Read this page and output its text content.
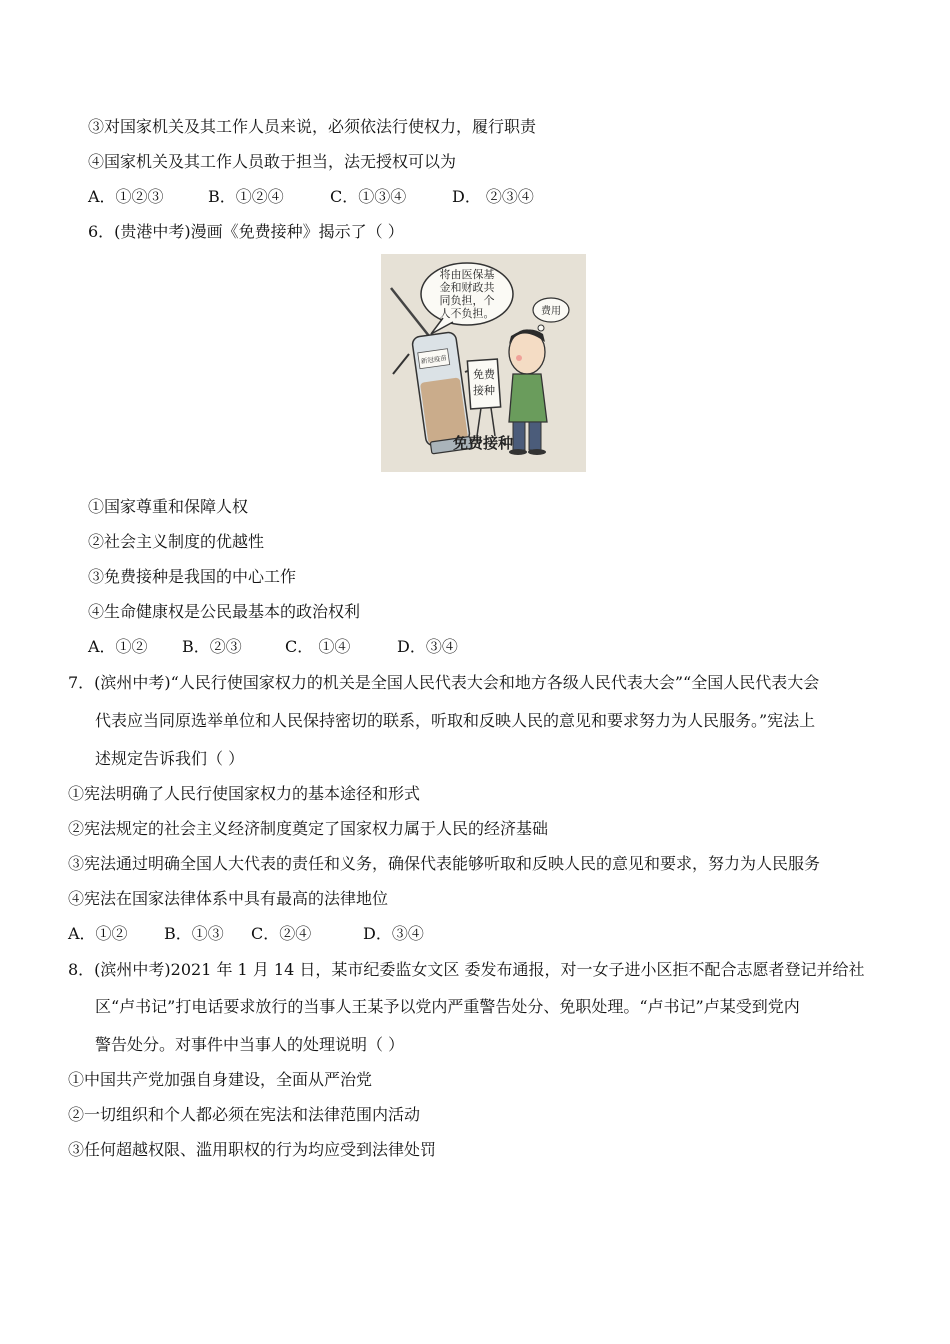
③对国家机关及其工作人员来说，必须依法行使权力，履行职责
④国家机关及其工作人员敢于担当，法无授权可以为
A．①②③	B．①②④	C．①③④	D． ②③④
6．(贵港中考)漫画《免费接种》揭示了（ ）
将由医保基
金和财政共
同负担，个
人不负担。
新冠疫苗
免费
接种
费用
免费接种
①国家尊重和保障人权
②社会主义制度的优越性
③免费接种是我国的中心工作
④生命健康权是公民最基本的政治权利
A．①② B．②③	C． ①④	D．③④
7．(滨州中考)“人民行使国家权力的机关是全国人民代表大会和地方各级人民代表大会”“全国人民代表大会
代表应当同原选举单位和人民保持密切的联系，听取和反映人民的意见和要求努力为人民服务。”宪法上
述规定告诉我们（ ）
①宪法明确了人民行使国家权力的基本途径和形式
②宪法规定的社会主义经济制度奠定了国家权力属于人民的经济基础
③宪法通过明确全国人大代表的责任和义务，确保代表能够听取和反映人民的意见和要求，努力为人民服务
④宪法在国家法律体系中具有最高的法律地位
A．①② B．①③ C．②④	D．③④
8．(滨州中考)2021 年 1 月 14 日，某市纪委监女文区 委发布通报，对一女子进小区拒不配合志愿者登记并给社
区“卢书记”打电话要求放行的当事人王某予以党内严重警告处分、免职处理。“卢书记”卢某受到党内
警告处分。对事件中当事人的处理说明（ ）
①中国共产党加强自身建设，全面从严治党
②一切组织和个人都必须在宪法和法律范围内活动
③任何超越权限、滥用职权的行为均应受到法律处罚
